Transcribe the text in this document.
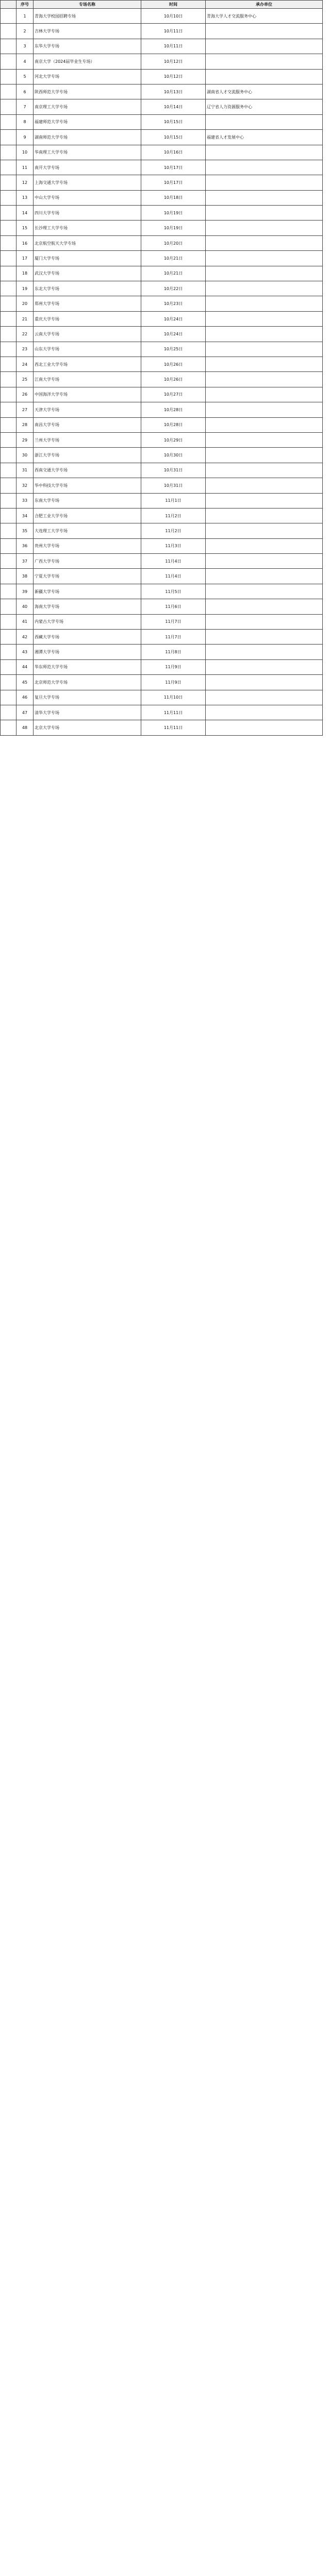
	序号	专场名称	时间	承办单位
	1	青海大学校园招聘专场	10月10日	青海大学人才交流服务中心
	2	吉林大学专场	10月11日	
	3	东华大学专场	10月11日	
	4	南京大学（2024届毕业生专场）	10月12日	
	5	河北大学专场	10月12日	
	6	陕西师范大学专场	10月13日	湖南省人才交流服务中心
	7	南京理工大学专场	10月14日	辽宁省人力资源服务中心
	8	福建师范大学专场	10月15日	
	9	湖南师范大学专场	10月15日	福建省人才发展中心
	10	华南理工大学专场	10月16日	
	11	南开大学专场	10月17日	
	12	上海交通大学专场	10月17日	
	13	中山大学专场	10月18日	
	14	四川大学专场	10月19日	
	15	长沙理工大学专场	10月19日	
	16	北京航空航天大学专场	10月20日	
	17	厦门大学专场	10月21日	
	18	武汉大学专场	10月21日	
	19	东北大学专场	10月22日	
	20	郑州大学专场	10月23日	
	21	重庆大学专场	10月24日	
	22	云南大学专场	10月24日	
	23	山东大学专场	10月25日	
	24	西北工业大学专场	10月26日	
	25	江南大学专场	10月26日	
	26	中国海洋大学专场	10月27日	
	27	天津大学专场	10月28日	
	28	南昌大学专场	10月28日	
	29	兰州大学专场	10月29日	
	30	浙江大学专场	10月30日	
	31	西南交通大学专场	10月31日	
	32	华中科技大学专场	10月31日	
	33	东南大学专场	11月1日	
	34	合肥工业大学专场	11月2日	
	35	大连理工大学专场	11月2日	
	36	贵州大学专场	11月3日	
	37	广西大学专场	11月4日	
	38	宁夏大学专场	11月4日	
	39	新疆大学专场	11月5日	
	40	海南大学专场	11月6日	
	41	内蒙古大学专场	11月7日	
	42	西藏大学专场	11月7日	
	43	湘潭大学专场	11月8日	
	44	华东师范大学专场	11月9日	
	45	北京师范大学专场	11月9日	
	46	复旦大学专场	11月10日	
	47	清华大学专场	11月11日	
	48	北京大学专场	11月11日	
